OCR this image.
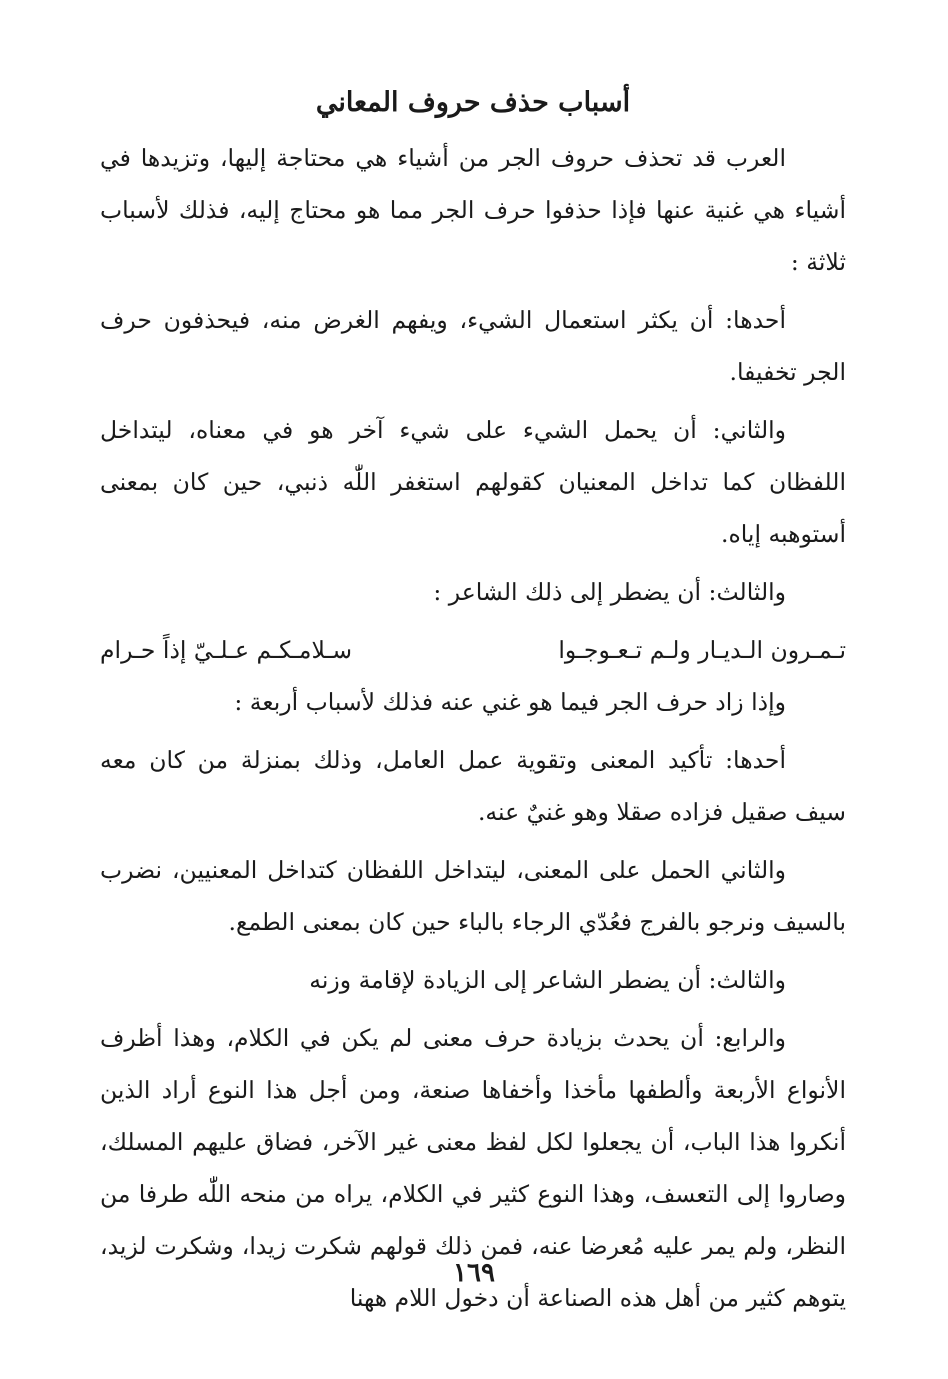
أسباب حذف حروف المعاني

العرب قد تحذف حروف الجر من أشياء هي محتاجة إليها، وتزيدها في أشياء هي غنية عنها فإذا حذفوا حرف الجر مما هو محتاج إليه، فذلك لأسباب ثلاثة :

أحدها: أن يكثر استعمال الشيء، ويفهم الغرض منه، فيحذفون حرف الجر تخفيفا.

والثاني: أن يحمل الشيء على شيء آخر هو في معناه، ليتداخل اللفظان كما تداخل المعنيان كقولهم استغفر اللّٰه ذنبي، حين كان بمعنى أستوهبه إياه.

والثالث: أن يضطر إلى ذلك الشاعر :

تـمـرون الـديـار ولـم تـعـوجـوا
سـلامـكـم عـلـيّ إذاً حـرام

وإذا زاد حرف الجر فيما هو غني عنه فذلك لأسباب أربعة :

أحدها: تأكيد المعنى وتقوية عمل العامل، وذلك بمنزلة من كان معه سيف صقيل فزاده صقلا وهو غنيٌ عنه.

والثاني الحمل على المعنى، ليتداخل اللفظان كتداخل المعنيين، نضرب بالسيف ونرجو بالفرج فعُدّي الرجاء بالباء حين كان بمعنى الطمع.

والثالث: أن يضطر الشاعر إلى الزيادة لإقامة وزنه

والرابع: أن يحدث بزيادة حرف معنى لم يكن في الكلام، وهذا أظرف الأنواع الأربعة وألطفها مأخذا وأخفاها صنعة، ومن أجل هذا النوع أراد الذين أنكروا هذا الباب، أن يجعلوا لكل لفظ معنى غير الآخر، فضاق عليهم المسلك، وصاروا إلى التعسف، وهذا النوع كثير في الكلام، يراه من منحه اللّٰه طرفا من النظر، ولم يمر عليه مُعرضا عنه، فمن ذلك قولهم شكرت زيدا، وشكرت لزيد، يتوهم كثير من أهل هذه الصناعة أن دخول اللام ههنا

١٦٩
